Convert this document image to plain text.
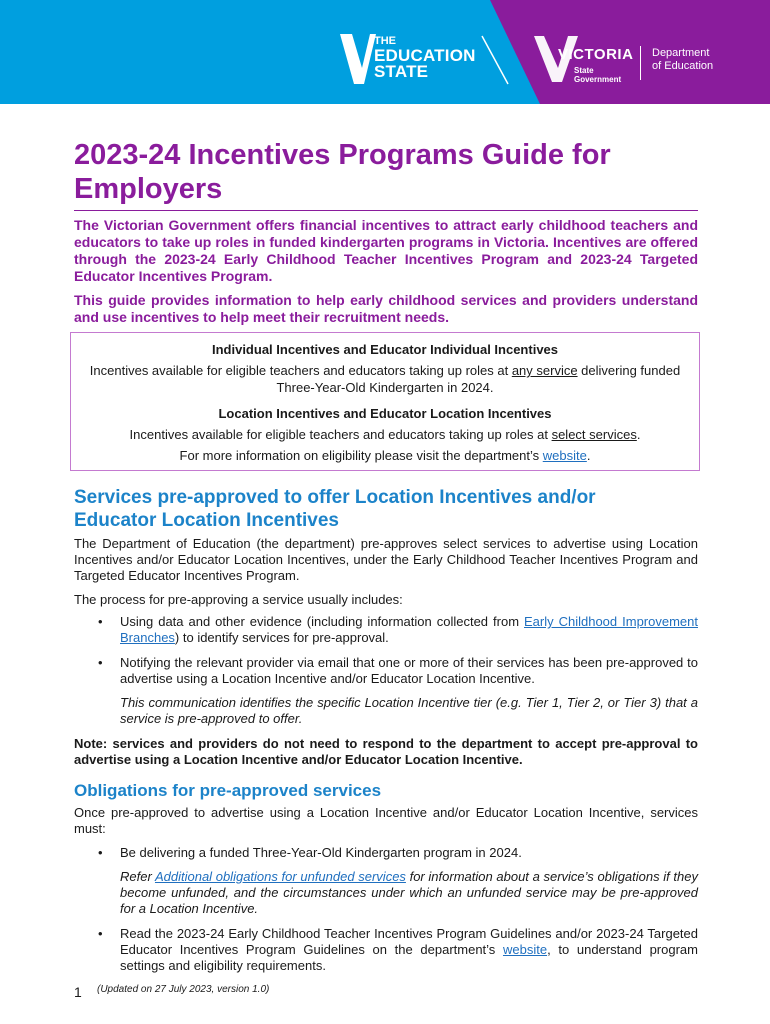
THE
EDUCATION
STATE
VICTORIA
State
Government
Department
of Education
2023-24 Incentives Programs Guide for
Employers

The Victorian Government offers financial incentives to attract early childhood teachers and educators to take up roles in funded kindergarten programs in Victoria. Incentives are offered through the 2023-24 Early Childhood Teacher Incentives Program and 2023-24 Targeted Educator Incentives Program.

This guide provides information to help early childhood services and providers understand and use incentives to help meet their recruitment needs.

Individual Incentives and Educator Individual Incentives
Incentives available for eligible teachers and educators taking up roles at any service delivering funded Three-Year-Old Kindergarten in 2024.
Location Incentives and Educator Location Incentives
Incentives available for eligible teachers and educators taking up roles at select services.
For more information on eligibility please visit the department’s website.
Services pre-approved to offer Location Incentives and/or
Educator Location Incentives

The Department of Education (the department) pre-approves select services to advertise using Location Incentives and/or Educator Location Incentives, under the Early Childhood Teacher Incentives Program and Targeted Educator Incentives Program.

The process for pre-approving a service usually includes:

• Using data and other evidence (including information collected from Early Childhood Improvement Branches) to identify services for pre-approval.
• Notifying the relevant provider via email that one or more of their services has been pre-approved to advertise using a Location Incentive and/or Educator Location Incentive.

This communication identifies the specific Location Incentive tier (e.g. Tier 1, Tier 2, or Tier 3) that a service is pre-approved to offer.

Note: services and providers do not need to respond to the department to accept pre-approval to advertise using a Location Incentive and/or Educator Location Incentive.

Obligations for pre-approved services

Once pre-approved to advertise using a Location Incentive and/or Educator Location Incentive, services must:

• Be delivering a funded Three-Year-Old Kindergarten program in 2024.

Refer Additional obligations for unfunded services for information about a service’s obligations if they become unfunded, and the circumstances under which an unfunded service may be pre-approved for a Location Incentive.

• Read the 2023-24 Early Childhood Teacher Incentives Program Guidelines and/or 2023-24 Targeted Educator Incentives Program Guidelines on the department’s website, to understand program settings and eligibility requirements.
1 (Updated on 27 July 2023, version 1.0)
